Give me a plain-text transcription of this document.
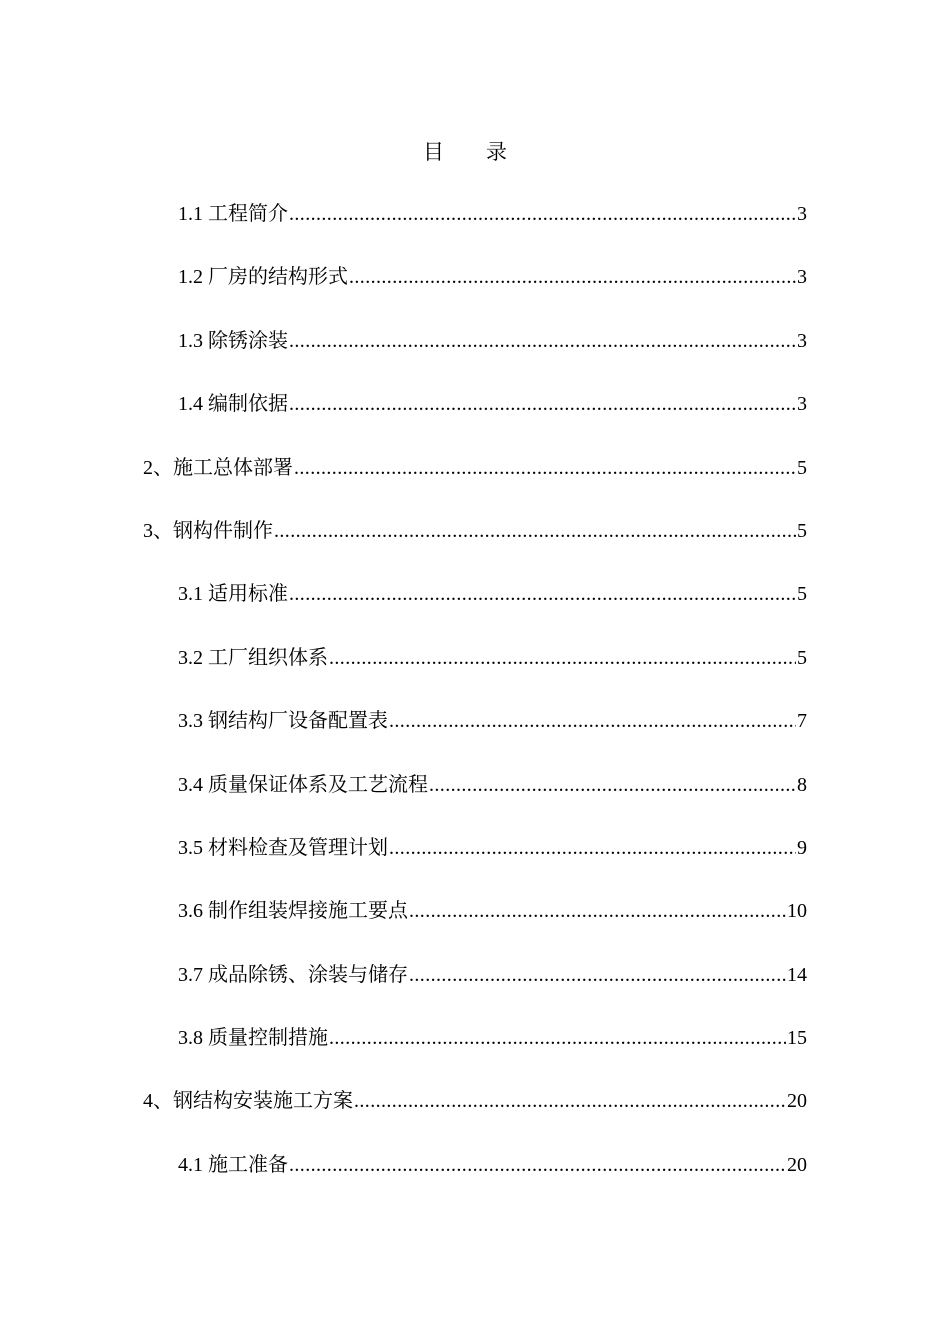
目　　录
1.1 工程简介 .....	3
1.2 厂房的结构形式 .....	3
1.3 除锈涂装 .....	3
1.4 编制依据 .....	3
2、施工总体部署 .....	5
3、钢构件制作 .....	5
3.1 适用标准 .....	5
3.2 工厂组织体系 .....	5
3.3 钢结构厂设备配置表 .....	7
3.4 质量保证体系及工艺流程 .....	8
3.5 材料检查及管理计划 .....	9
3.6 制作组装焊接施工要点 .....	10
3.7 成品除锈、涂装与储存 .....	14
3.8 质量控制措施 .....	15
4、钢结构安装施工方案 .....	20
4.1 施工准备 .....	20
